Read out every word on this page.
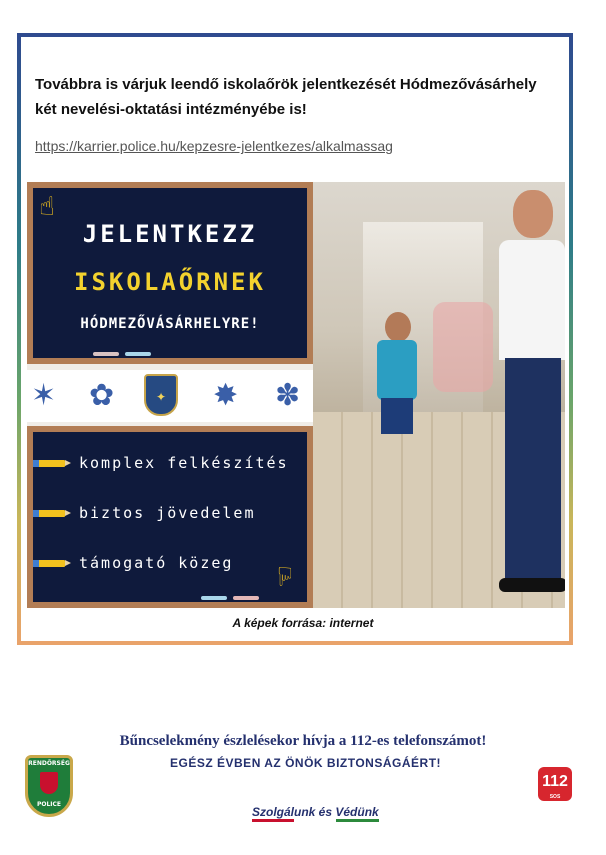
Továbbra is várjuk leendő iskolaőrök jelentkezését Hódmezővásárhely
két nevelési-oktatási intézményébe is!
https://karrier.police.hu/kepzesre-jelentkezes/alkalmassag
☝
JELENTKEZZ
ISKOLAŐRNEK
HÓDMEZŐVÁSÁRHELYRE!
✶ ✿	✦	✸ ✽
komplex felkészítés
biztos jövedelem
támogató közeg ☝
A képek forrása: internet
RENDŐRSÉG
POLICE
Bűncselekmény észlelésekor hívja a 112-es telefonszámot!
EGÉSZ ÉVBEN AZ ÖNÖK BIZTONSÁGÁÉRT!
112
SOS
Szolgálunk és Védünk
